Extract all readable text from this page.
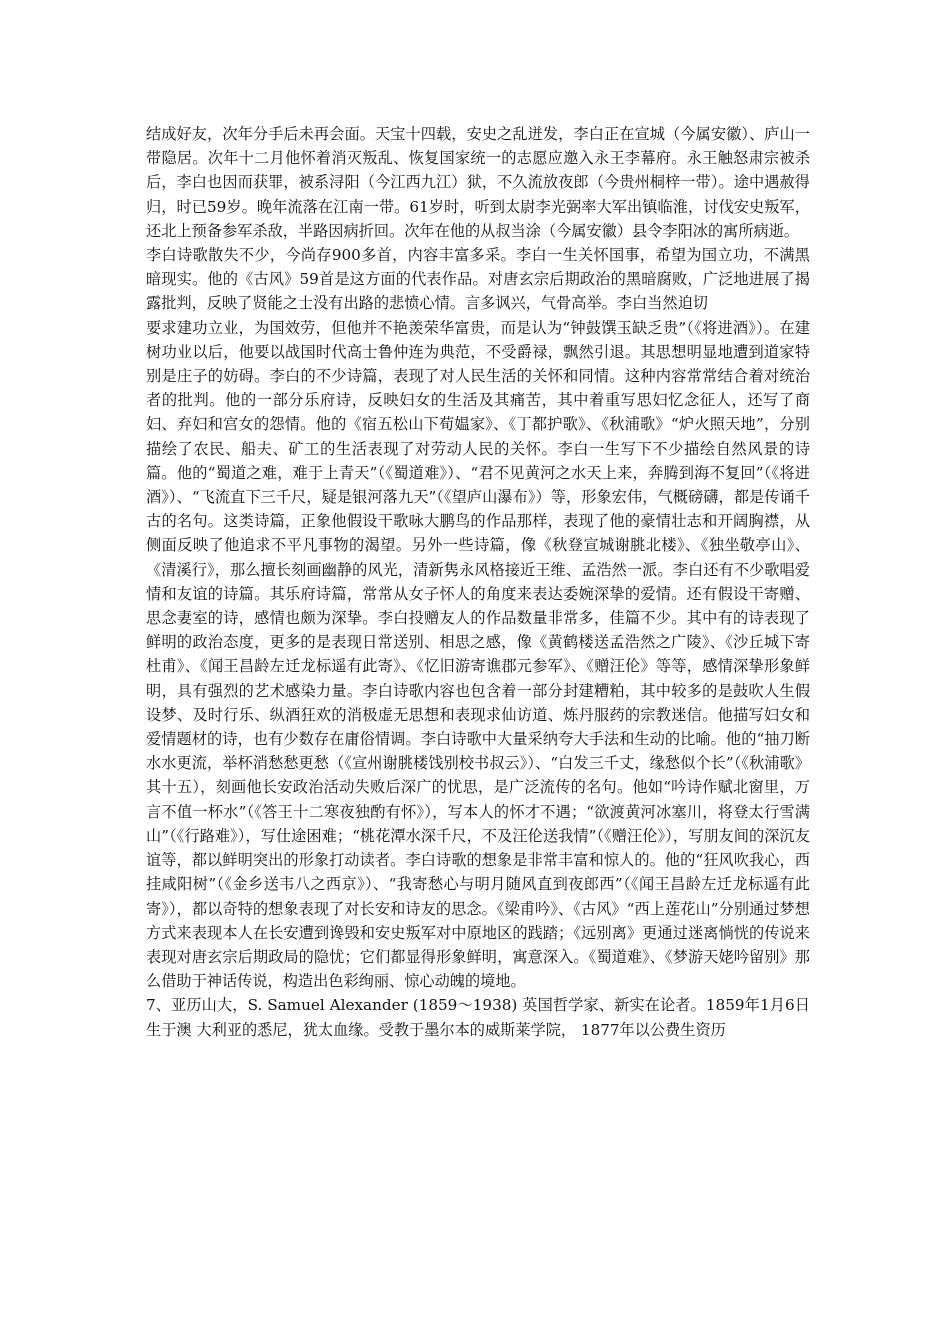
结成好友，次年分手后未再会面。天宝十四载，安史之乱迸发，李白正在宣城（今属安徽）、庐山一带隐居。次年十二月他怀着消灭叛乱、恢复国家统一的志愿应邀入永王李幕府。永王触怒肃宗被杀后，李白也因而获罪，被系浔阳（今江西九江）狱，不久流放夜郎（今贵州桐梓一带）。途中遇赦得归，时已59岁。晚年流落在江南一带。61岁时，听到太尉李光弼率大军出镇临淮，讨伐安史叛军，还北上预备参军杀敌，半路因病折回。次年在他的从叔当涂（今属安徽）县令李阳冰的寓所病逝。

李白诗歌散失不少，今尚存900多首，内容丰富多采。李白一生关怀国事，希望为国立功，不满黑暗现实。他的《古风》59首是这方面的代表作品。对唐玄宗后期政治的黑暗腐败，广泛地进展了揭露批判，反映了贤能之士没有出路的悲愤心情。言多讽兴，气骨高举。李白当然迫切

要求建功立业，为国效劳，但他并不艳羡荣华富贵，而是认为“钟鼓馔玉缺乏贵”（《将进酒》）。在建树功业以后，他要以战国时代高士鲁仲连为典范，不受爵禄，飘然引退。其思想明显地遭到道家特别是庄子的妨碍。李白的不少诗篇，表现了对人民生活的关怀和同情。这种内容常常结合着对统治者的批判。他的一部分乐府诗，反映妇女的生活及其痛苦，其中着重写思妇忆念征人，还写了商妇、弃妇和宫女的怨情。他的《宿五松山下荀媪家》、《丁都护歌》、《秋浦歌》“炉火照天地”，分别描绘了农民、船夫、矿工的生活表现了对劳动人民的关怀。李白一生写下不少描绘自然风景的诗篇。他的“蜀道之难，难于上青天”（《蜀道难》）、“君不见黄河之水天上来，奔腾到海不复回”（《将进酒》）、“飞流直下三千尺，疑是银河落九天”（《望庐山瀑布》）等，形象宏伟，气概磅礴，都是传诵千古的名句。这类诗篇，正象他假设干歌咏大鹏鸟的作品那样，表现了他的豪情壮志和开阔胸襟，从侧面反映了他追求不平凡事物的渴望。另外一些诗篇，像《秋登宣城谢朓北楼》、《独坐敬亭山》、《清溪行》，那么擅长刻画幽静的风光，清新隽永风格接近王维、孟浩然一派。李白还有不少歌唱爱情和友谊的诗篇。其乐府诗篇，常常从女子怀人的角度来表达委婉深挚的爱情。还有假设干寄赠、思念妻室的诗，感情也颇为深挚。李白投赠友人的作品数量非常多，佳篇不少。其中有的诗表现了鲜明的政治态度，更多的是表现日常送别、相思之感，像《黄鹤楼送孟浩然之广陵》、《沙丘城下寄杜甫》、《闻王昌龄左迁龙标遥有此寄》、《忆旧游寄谯郡元参军》、《赠汪伦》等等，感情深挚形象鲜明，具有强烈的艺术感染力量。李白诗歌内容也包含着一部分封建糟粕，其中较多的是鼓吹人生假设梦、及时行乐、纵酒狂欢的消极虚无思想和表现求仙访道、炼丹服药的宗教迷信。他描写妇女和爱情题材的诗，也有少数存在庸俗情调。李白诗歌中大量采纳夸大手法和生动的比喻。他的“抽刀断水水更流，举杯消愁愁更愁（《宣州谢朓楼饯别校书叔云》）、“白发三千丈，缘愁似个长”（《秋浦歌》其十五），刻画他长安政治活动失败后深广的忧思，是广泛流传的名句。他如“吟诗作赋北窗里，万言不值一杯水”（《答王十二寒夜独酌有怀》），写本人的怀才不遇；“欲渡黄河冰塞川，将登太行雪满山”（《行路难》），写仕途困难；“桃花潭水深千尺，不及汪伦送我情”（《赠汪伦》），写朋友间的深沉友谊等，都以鲜明突出的形象打动读者。李白诗歌的想象是非常丰富和惊人的。他的“狂风吹我心，西挂咸阳树”（《金乡送韦八之西京》）、“我寄愁心与明月随风直到夜郎西”（《闻王昌龄左迁龙标遥有此寄》），都以奇特的想象表现了对长安和诗友的思念。《梁甫吟》、《古风》“西上莲花山”分别通过梦想方式来表现本人在长安遭到谗毁和安史叛军对中原地区的践踏；《远别离》更通过迷离惝恍的传说来表现对唐玄宗后期政局的隐忧；它们都显得形象鲜明，寓意深入。《蜀道难》、《梦游天姥吟留别》那么借助于神话传说，构造出色彩绚丽、惊心动魄的境地。

7、亚历山大，S. Samuel Alexander (1859～1938) 英国哲学家、新实在论者。1859年1月6日生于澳 大利亚的悉尼，犹太血缘。受教于墨尔本的威斯莱学院， 1877年以公费生资历
